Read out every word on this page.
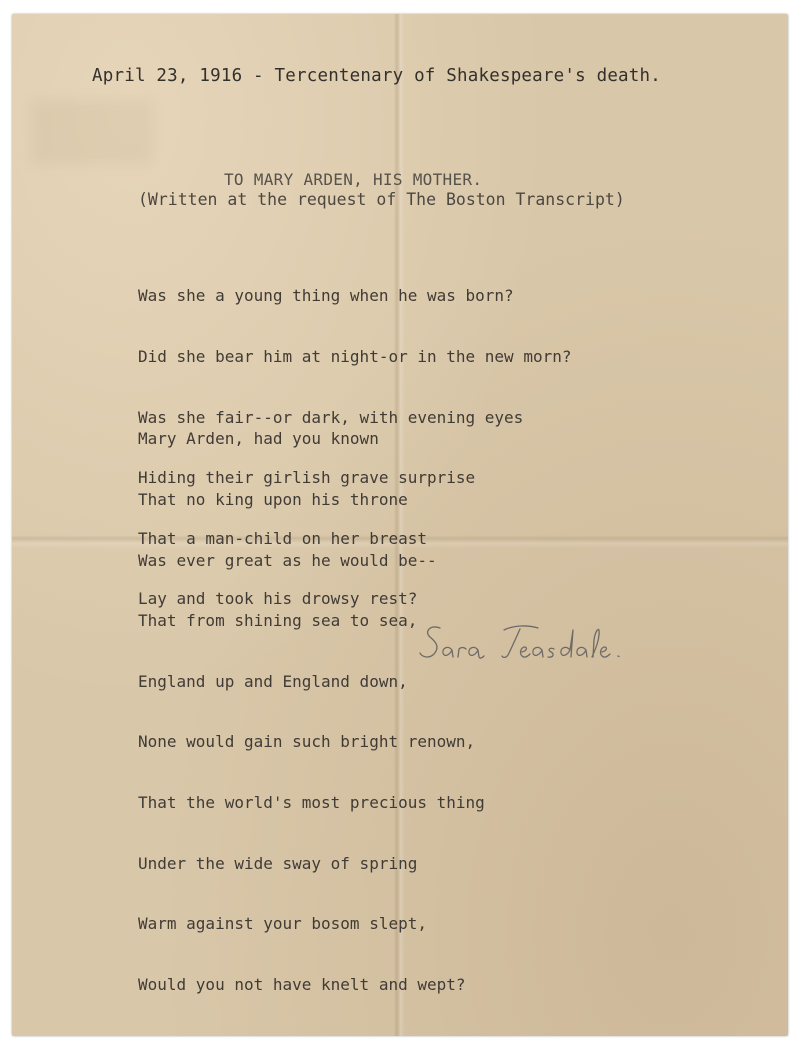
April 23, 1916 - Tercentenary of Shakespeare's death.

TO MARY ARDEN, HIS MOTHER.

(Written at the request of The Boston Transcript)

Was she a young thing when he was born?

Did she bear him at night-or in the new morn?

Was she fair--or dark, with evening eyes

Hiding their girlish grave surprise

That a man-child on her breast

Lay and took his drowsy rest?

Mary Arden, had you known

That no king upon his throne

Was ever great as he would be--

That from shining sea to sea,

England up and England down,

None would gain such bright renown,

That the world's most precious thing

Under the wide sway of spring

Warm against your bosom slept,

Would you not have knelt and wept?
